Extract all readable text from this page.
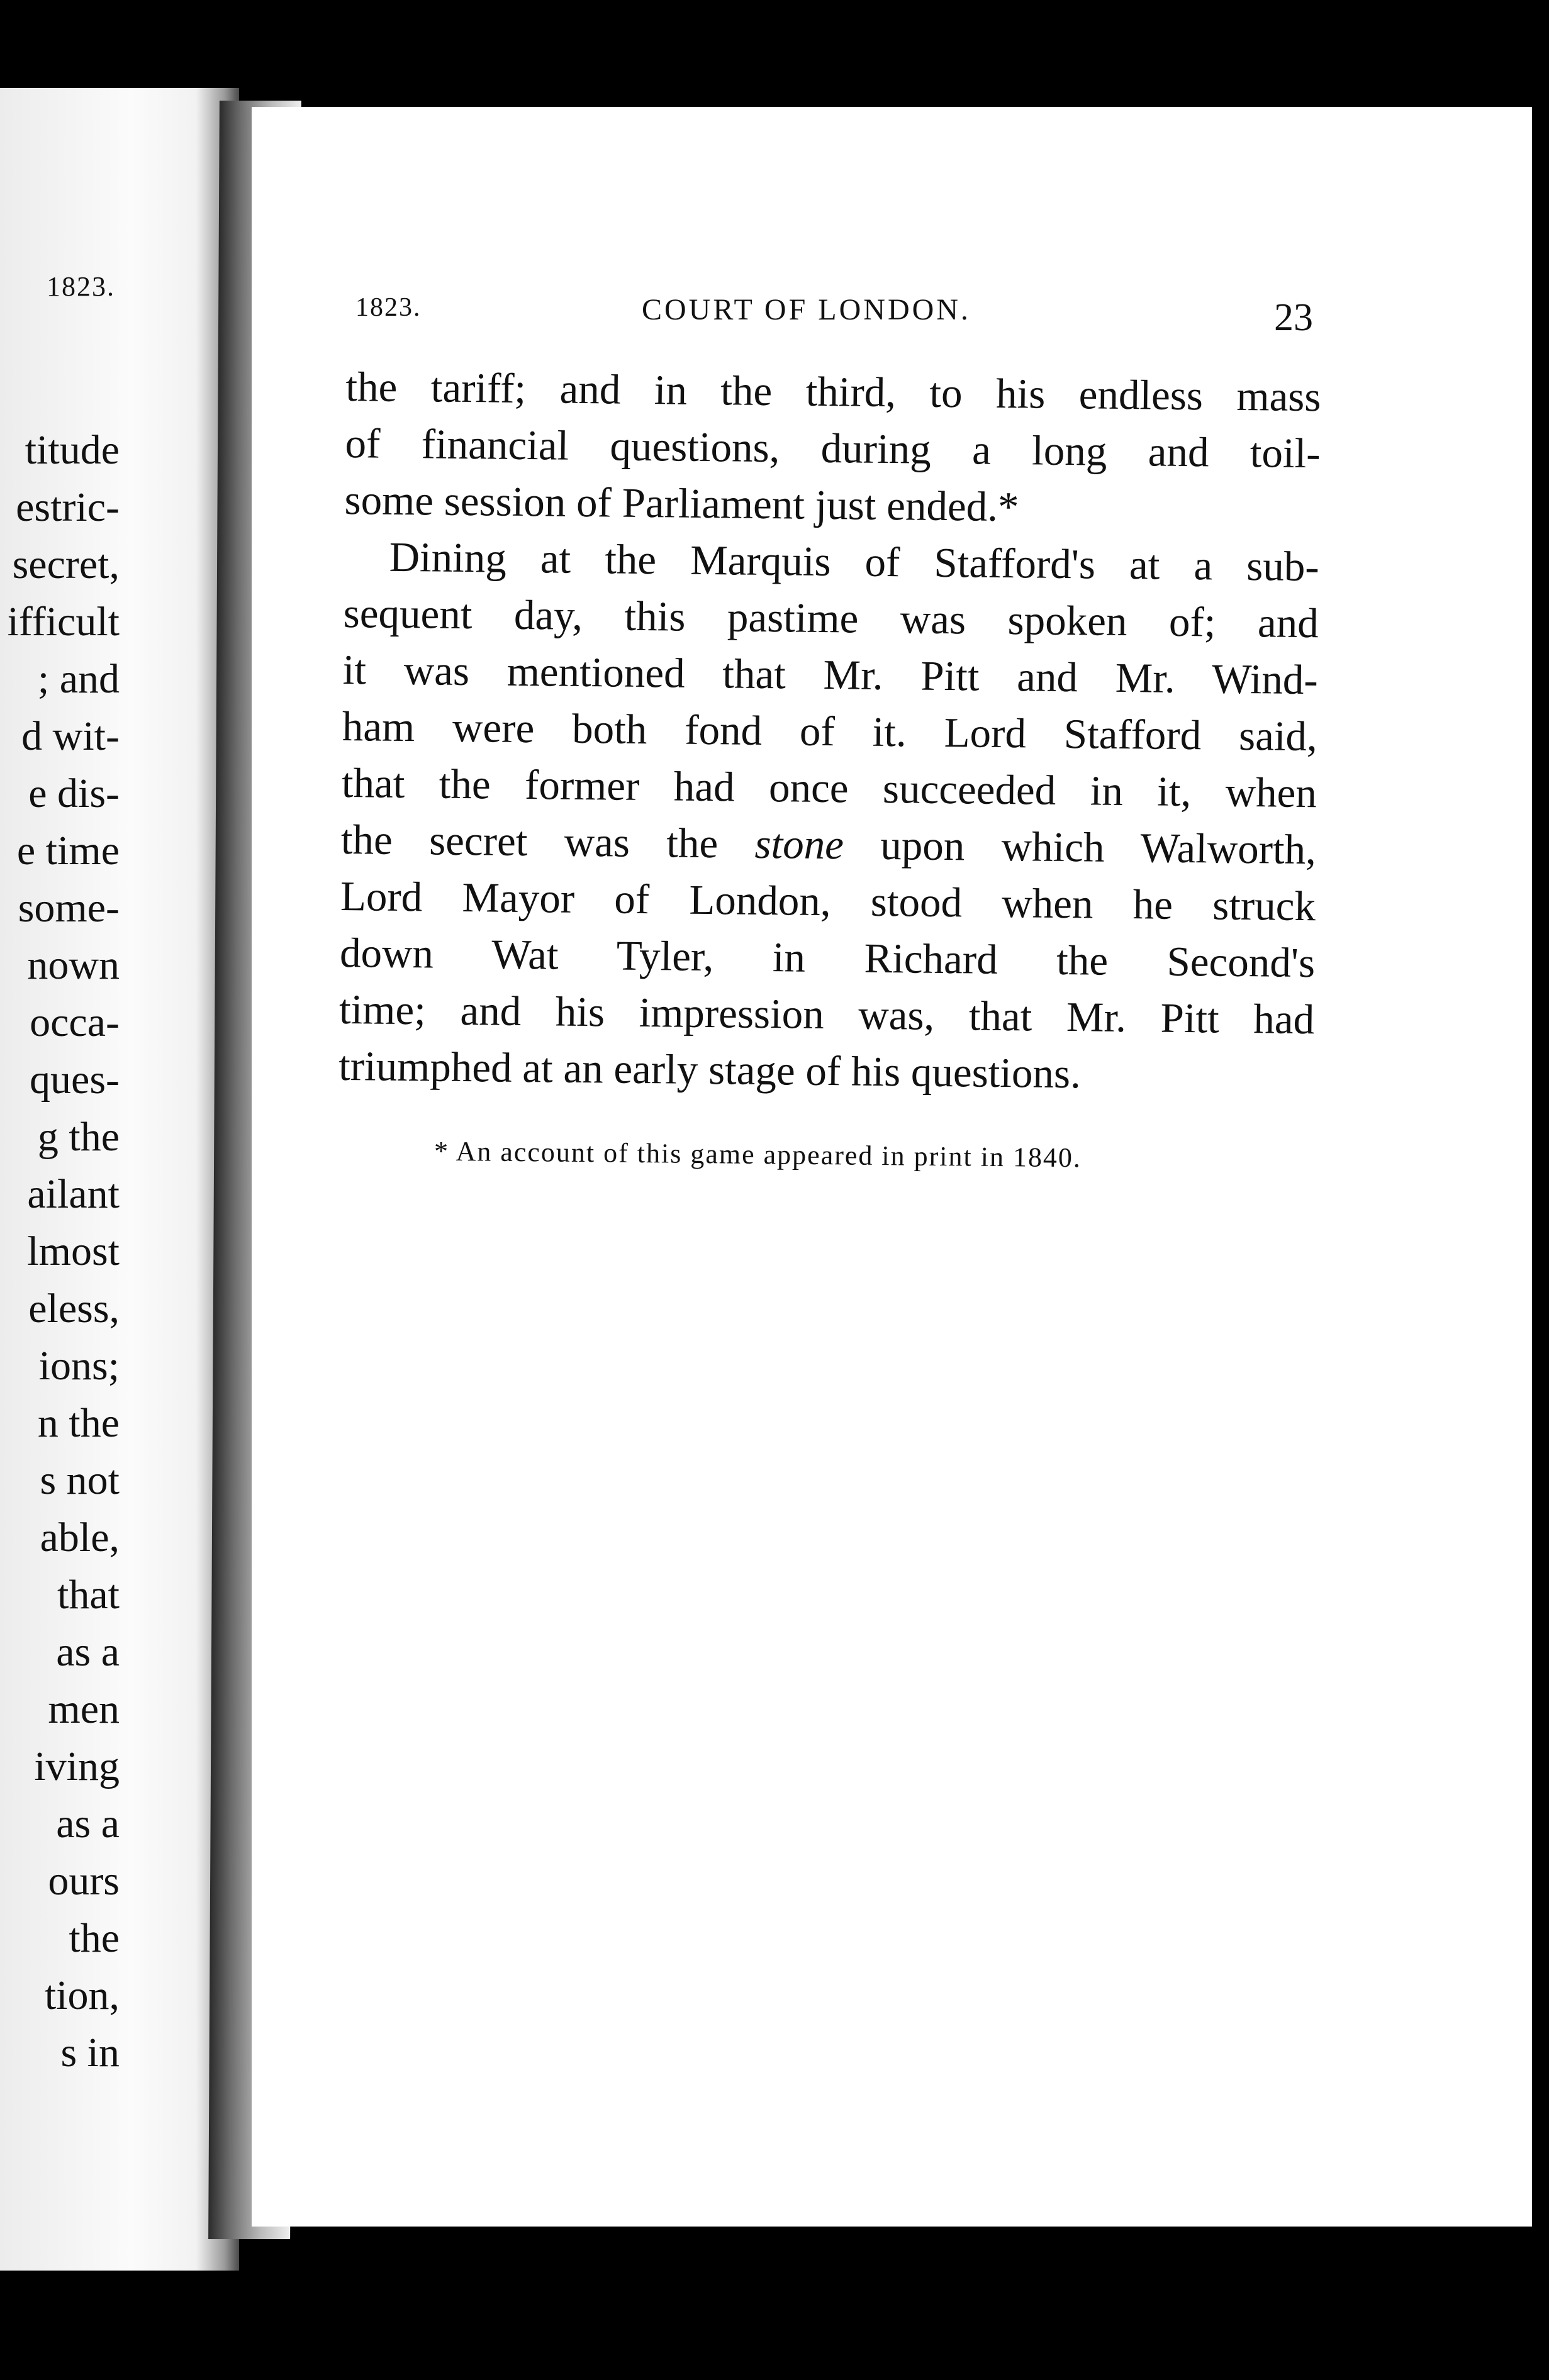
1823.
titude
estric-
secret,
ifficult
; and
d wit-
e dis-
e time
some-
nown
occa-
ques-
g the
ailant
lmost
eless,
ions;
n the
s not
able,
that
as a
men
iving
as a
ours
the
tion,
s in
1823.	COURT OF LONDON.	23
the tariff; and in the third, to his endless mass
of financial questions, during a long and toil-
some session of Parliament just ended.*
Dining at the Marquis of Stafford's at a sub-
sequent day, this pastime was spoken of; and
it was mentioned that Mr. Pitt and Mr. Wind-
ham were both fond of it. Lord Stafford said,
that the former had once succeeded in it, when
the secret was the stone upon which Walworth,
Lord Mayor of London, stood when he struck
down Wat Tyler, in Richard the Second's
time; and his impression was, that Mr. Pitt had
triumphed at an early stage of his questions.
* An account of this game appeared in print in 1840.
